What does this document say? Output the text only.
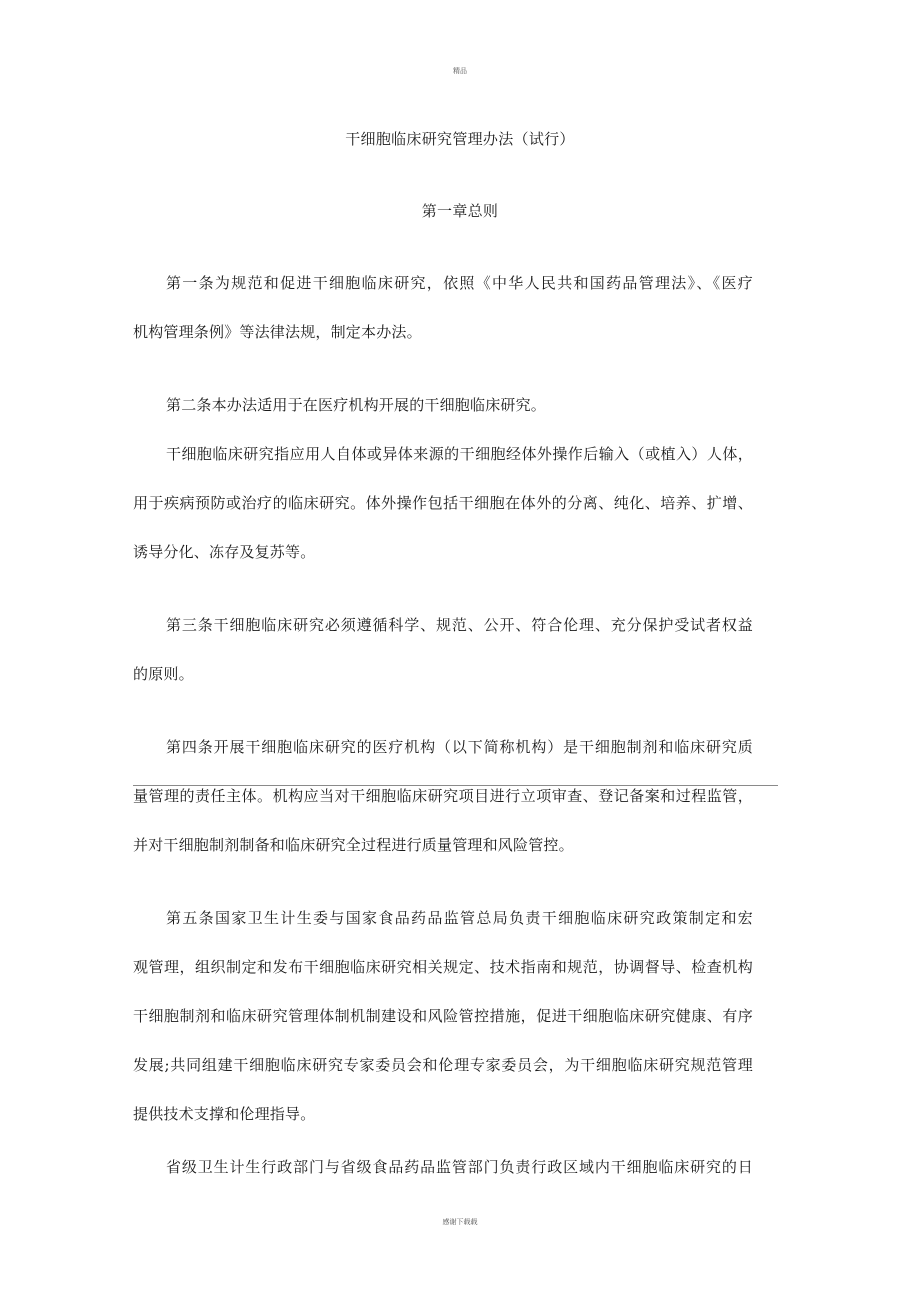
精品
干细胞临床研究管理办法（试行）
第一章总则
第一条为规范和促进干细胞临床研究，依照《中华人民共和国药品管理法》、《医疗
机构管理条例》等法律法规，制定本办法。
第二条本办法适用于在医疗机构开展的干细胞临床研究。
干细胞临床研究指应用人自体或异体来源的干细胞经体外操作后输入（或植入）人体，
用于疾病预防或治疗的临床研究。体外操作包括干细胞在体外的分离、纯化、培养、扩增、
诱导分化、冻存及复苏等。
第三条干细胞临床研究必须遵循科学、规范、公开、符合伦理、充分保护受试者权益
的原则。
第四条开展干细胞临床研究的医疗机构（以下简称机构）是干细胞制剂和临床研究质
量管理的责任主体。机构应当对干细胞临床研究项目进行立项审查、登记备案和过程监管，
并对干细胞制剂制备和临床研究全过程进行质量管理和风险管控。
第五条国家卫生计生委与国家食品药品监管总局负责干细胞临床研究政策制定和宏
观管理，组织制定和发布干细胞临床研究相关规定、技术指南和规范，协调督导、检查机构
干细胞制剂和临床研究管理体制机制建设和风险管控措施，促进干细胞临床研究健康、有序
发展;共同组建干细胞临床研究专家委员会和伦理专家委员会，为干细胞临床研究规范管理
提供技术支撑和伦理指导。
省级卫生计生行政部门与省级食品药品监管部门负责行政区域内干细胞临床研究的日
感谢下载载
